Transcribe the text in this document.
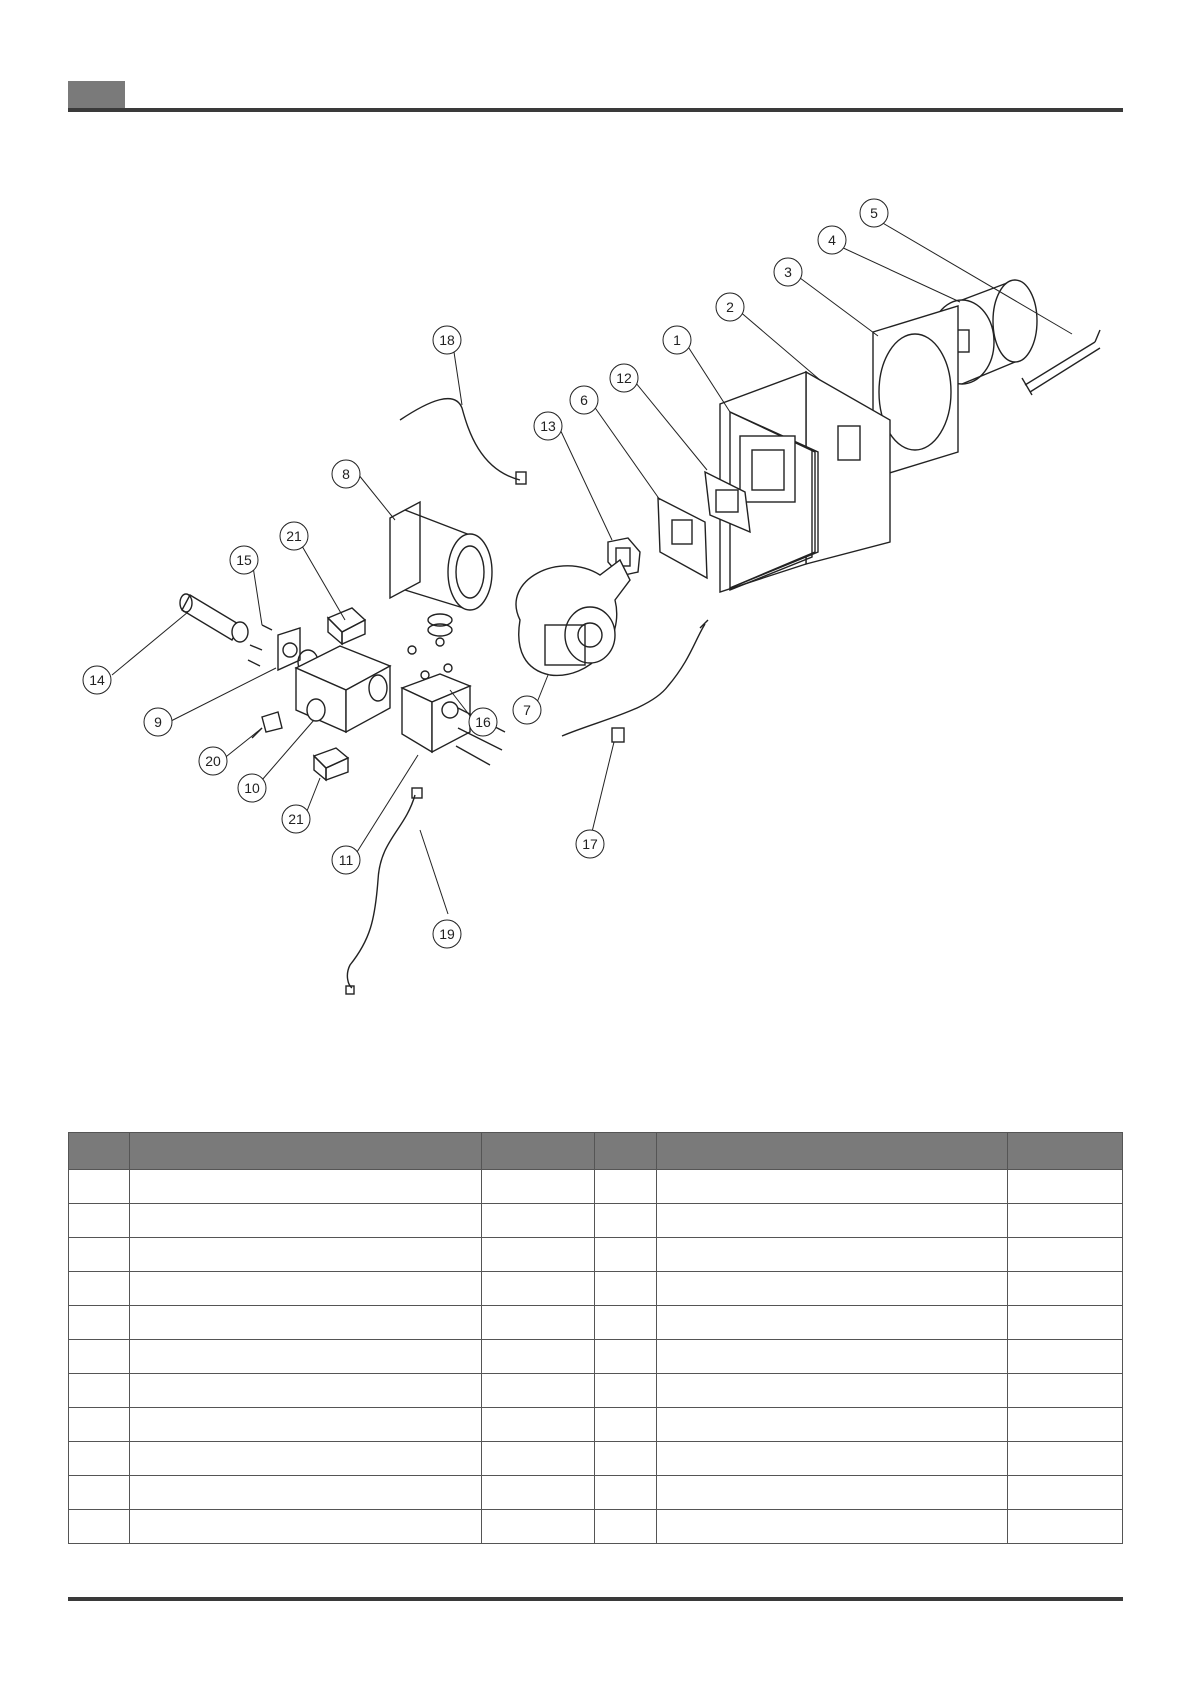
1
2
3
4
5
6
7
8
9
10
11
12
13
14
15
16
17
18
19
20
21
21
